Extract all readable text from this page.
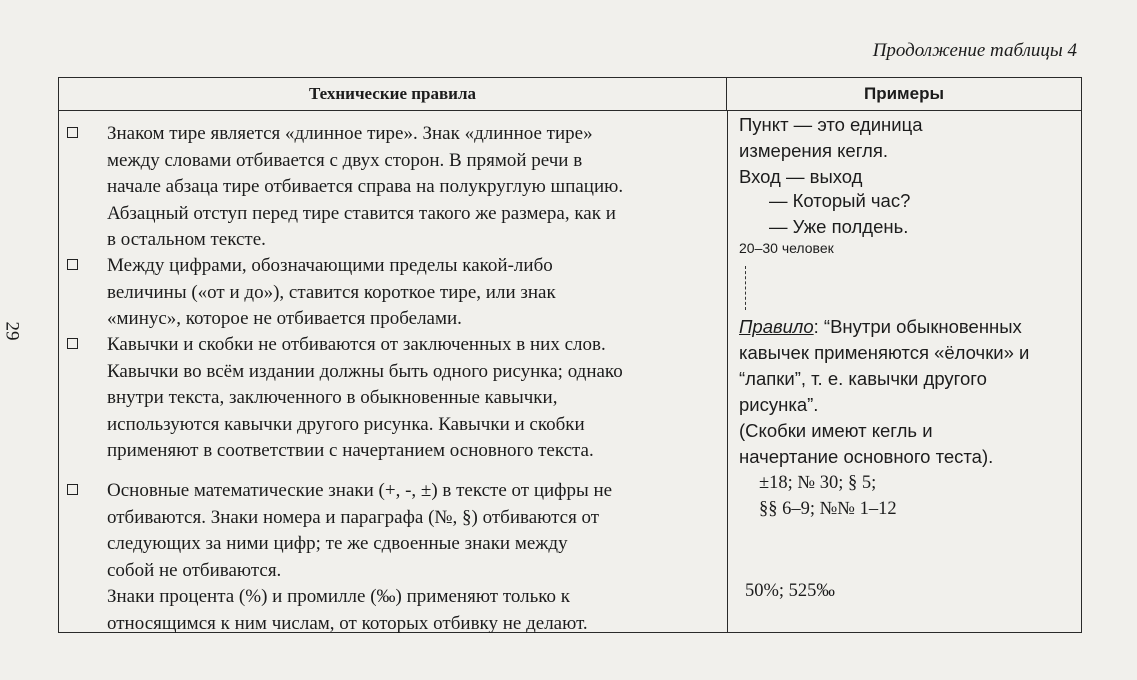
29
Продолжение таблицы 4
Технические правила	Примеры
Знаком тире является «длинное тире». Знак «длинное тире»
между словами отбивается с двух сторон. В прямой речи в
начале абзаца тире отбивается справа на полукруглую шпацию.
Абзацный отступ перед тире ставится такого же размера, как и
в остальном тексте.
Между цифрами, обозначающими пределы какой-либо
величины («от и до»), ставится короткое тире, или знак
«минус», которое не отбивается пробелами.
Кавычки и скобки не отбиваются от заключенных в них слов.
Кавычки во всём издании должны быть одного рисунка; однако
внутри текста, заключенного в обыкновенные кавычки,
используются кавычки другого рисунка. Кавычки и скобки
применяют в соответствии с начертанием основного текста.
Основные математические знаки (+, -, ±) в тексте от цифры не
отбиваются. Знаки номера и параграфа (№, §) отбиваются от
следующих за ними цифр; те же сдвоенные знаки между
собой не отбиваются.
Знаки процента (%) и промилле (‰) применяют только к
относящимся к ним числам, от которых отбивку не делают.
Пункт — это единица
измерения кегля.
Вход — выход
— Который час?
— Уже полдень.
20–30 человек
Правило: “Внутри обыкновенных
кавычек применяются «ёлочки» и
“лапки”, т. е. кавычки другого
рисунка”.
(Скобки имеют кегль и
начертание основного теста).
±18; № 30; § 5;
§§ 6–9; №№ 1–12
50%; 525‰
